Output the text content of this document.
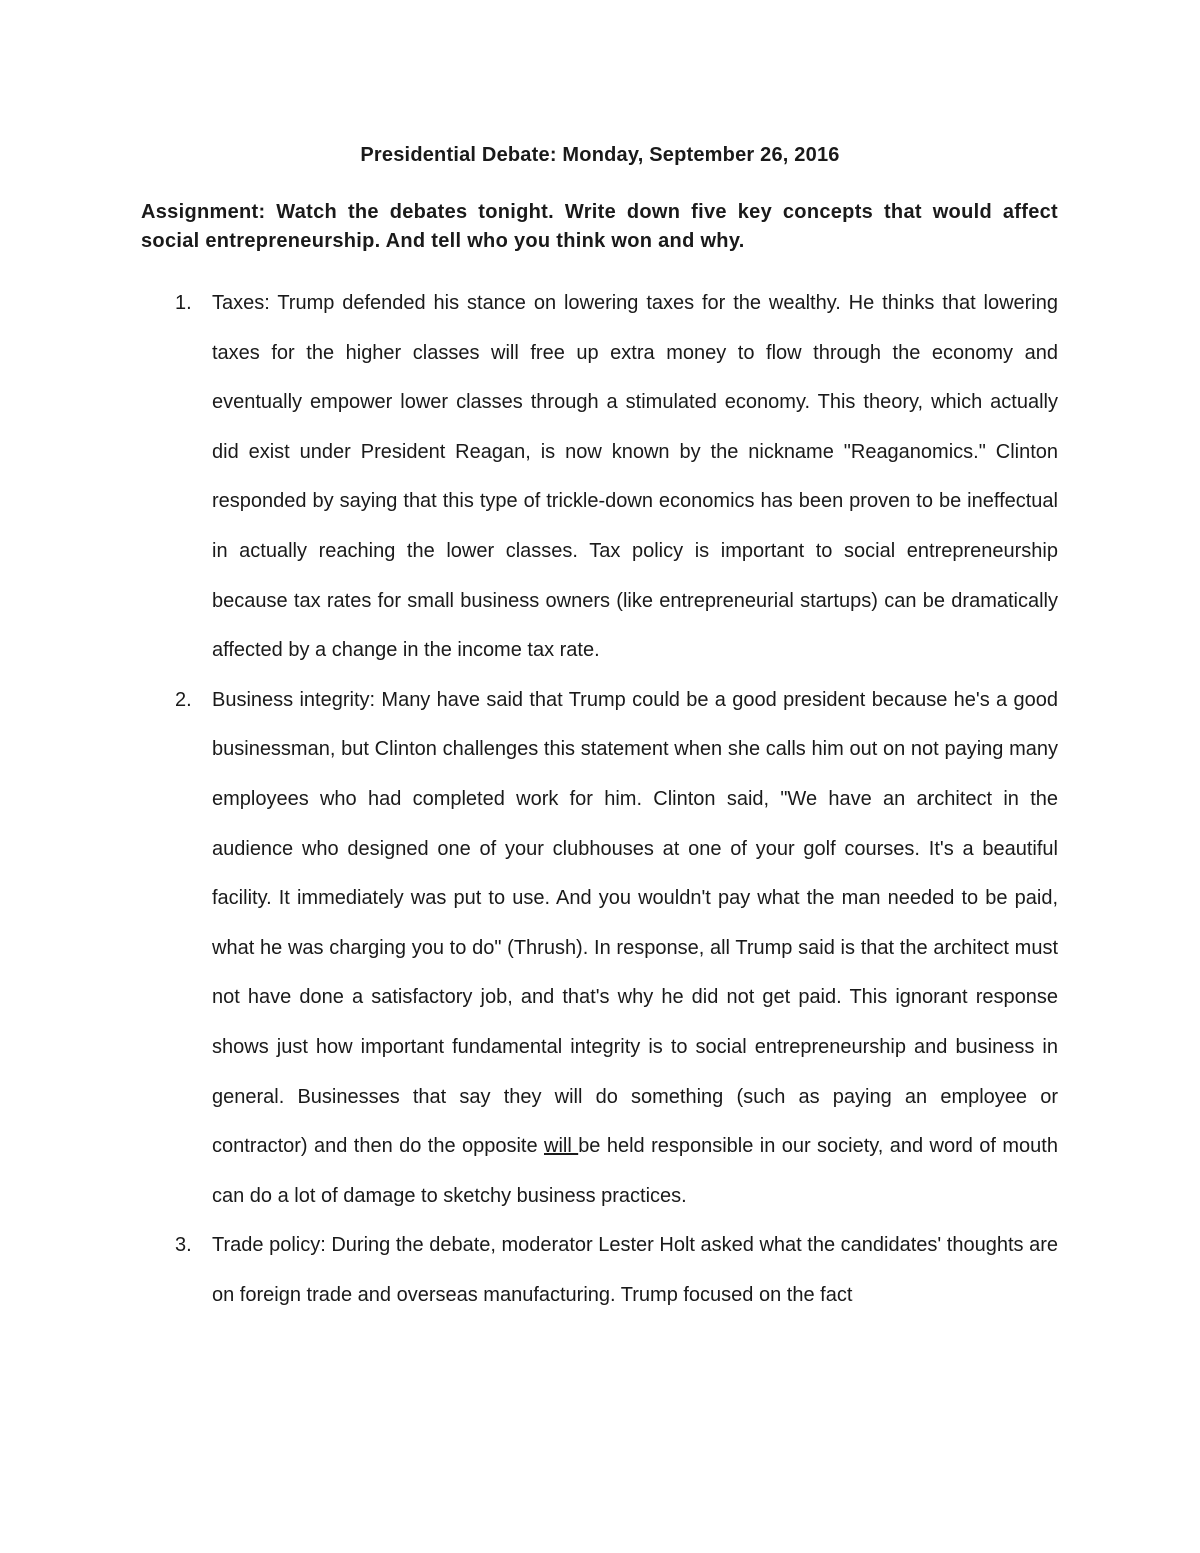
Presidential Debate: Monday, September 26, 2016

Assignment: Watch the debates tonight. Write down five key concepts that would affect social entrepreneurship. And tell who you think won and why.

1. Taxes: Trump defended his stance on lowering taxes for the wealthy. He thinks that lowering taxes for the higher classes will free up extra money to flow through the economy and eventually empower lower classes through a stimulated economy. This theory, which actually did exist under President Reagan, is now known by the nickname "Reaganomics." Clinton responded by saying that this type of trickle-down economics has been proven to be ineffectual in actually reaching the lower classes. Tax policy is important to social entrepreneurship because tax rates for small business owners (like entrepreneurial startups) can be dramatically affected by a change in the income tax rate.
2. Business integrity: Many have said that Trump could be a good president because he's a good businessman, but Clinton challenges this statement when she calls him out on not paying many employees who had completed work for him. Clinton said, "We have an architect in the audience who designed one of your clubhouses at one of your golf courses. It's a beautiful facility. It immediately was put to use. And you wouldn't pay what the man needed to be paid, what he was charging you to do" (Thrush). In response, all Trump said is that the architect must not have done a satisfactory job, and that's why he did not get paid. This ignorant response shows just how important fundamental integrity is to social entrepreneurship and business in general. Businesses that say they will do something (such as paying an employee or contractor) and then do the opposite will be held responsible in our society, and word of mouth can do a lot of damage to sketchy business practices.
3. Trade policy: During the debate, moderator Lester Holt asked what the candidates' thoughts are on foreign trade and overseas manufacturing. Trump focused on the fact
